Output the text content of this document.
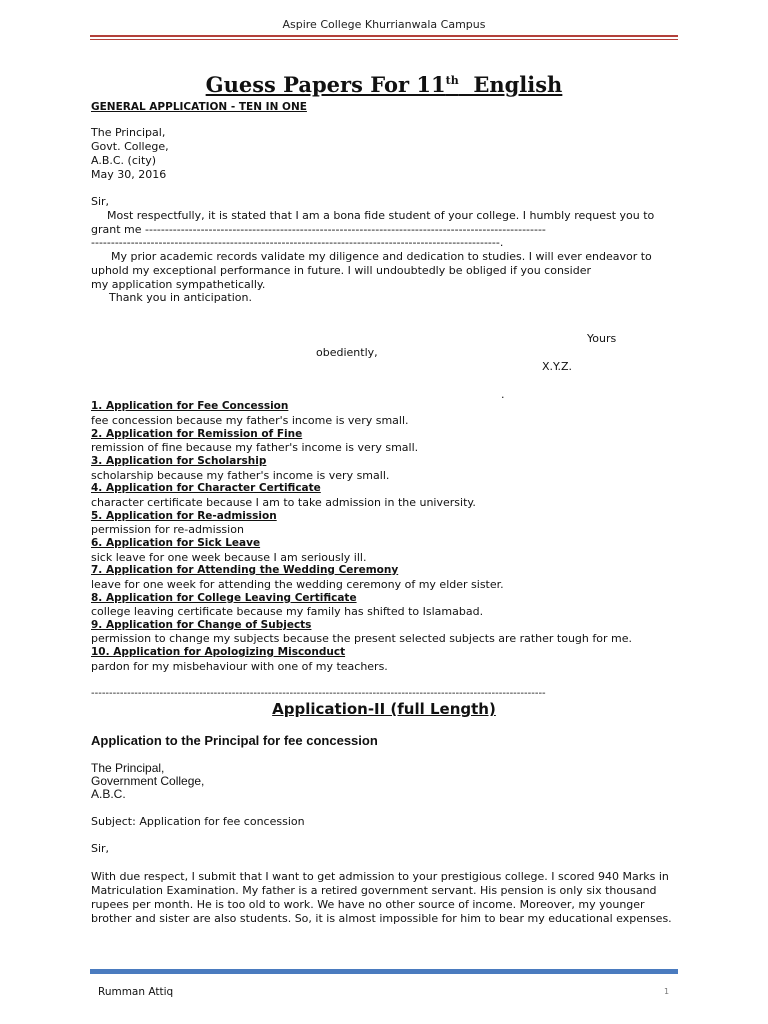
Aspire College Khurrianwala Campus
Guess Papers For 11th  English
GENERAL APPLICATION - TEN IN ONE
The Principal,
Govt. College,
A.B.C. (city)
May 30, 2016
Sir,
Most respectfully, it is stated that I am a bona fide student of your college. I humbly request you to
grant me -----------------------------------------------------------------------------------------------------
-------------------------------------------------------------------------------------------------------.
My prior academic records validate my diligence and dedication to studies. I will ever endeavor to
uphold my exceptional performance in future. I will undoubtedly be obliged if you consider
my application sympathetically.
Thank you in anticipation.
Yours
obediently,
X.Y.Z.
.
1. Application for Fee Concession
fee concession because my father's income is very small.
2. Application for Remission of Fine
remission of fine because my father's income is very small.
3. Application for Scholarship
scholarship because my father's income is very small.
4. Application for Character Certificate
character certificate because I am to take admission in the university.
5. Application for Re-admission
permission for re-admission
6. Application for Sick Leave
sick leave for one week because I am seriously ill.
7. Application for Attending the Wedding Ceremony
leave for one week for attending the wedding ceremony of my elder sister.
8. Application for College Leaving Certificate
college leaving certificate because my family has shifted to Islamabad.
9. Application for Change of Subjects
permission to change my subjects because the present selected subjects are rather tough for me.
10. Application for Apologizing Misconduct
pardon for my misbehaviour with one of my teachers.
------------------------------------------------------------------------------------------------------------------------------
Application-II (full Length)
Application to the Principal for fee concession
The Principal,
Government College,
A.B.C.
Subject: Application for fee concession
Sir,
With due respect, I submit that I want to get admission to your prestigious college. I scored 940 Marks in
Matriculation Examination. My father is a retired government servant. His pension is only six thousand
rupees per month. He is too old to work. We have no other source of income. Moreover, my younger
brother and sister are also students. So, it is almost impossible for him to bear my educational expenses.
Rumman Attiq	1
